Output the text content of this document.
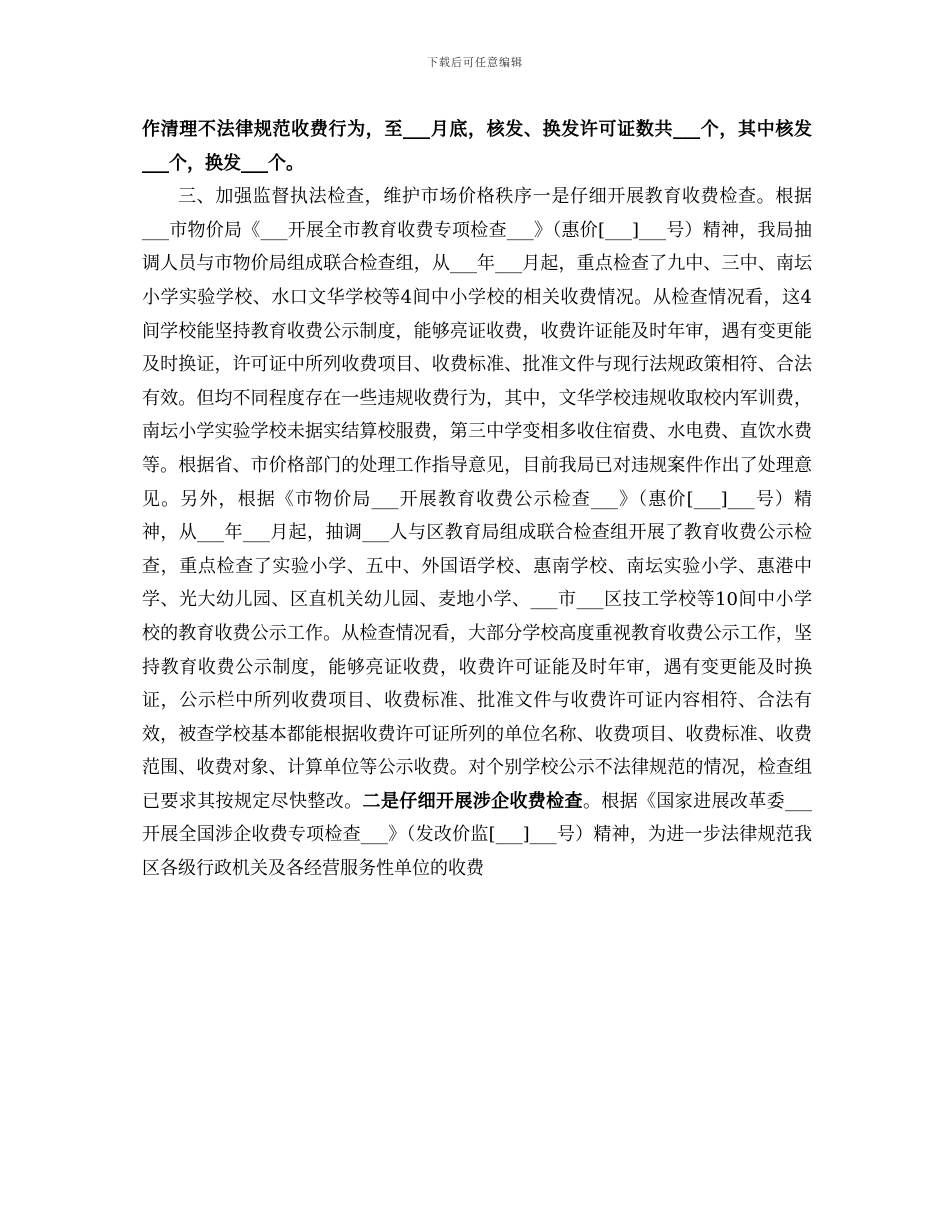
下载后可任意编辑

作清理不法律规范收费行为，至___月底，核发、换发许可证数共___个，其中核发___个，换发___个。

三、加强监督执法检查，维护市场价格秩序一是仔细开展教育收费检查。根据___市物价局《___开展全市教育收费专项检查___》（惠价[___]___号）精神，我局抽调人员与市物价局组成联合检查组，从___年___月起，重点检查了九中、三中、南坛小学实验学校、水口文华学校等4间中小学校的相关收费情况。从检查情况看，这4间学校能坚持教育收费公示制度，能够亮证收费，收费许证能及时年审，遇有变更能及时换证，许可证中所列收费项目、收费标准、批准文件与现行法规政策相符、合法有效。但均不同程度存在一些违规收费行为，其中，文华学校违规收取校内军训费，南坛小学实验学校未据实结算校服费，第三中学变相多收住宿费、水电费、直饮水费等。根据省、市价格部门的处理工作指导意见，目前我局已对违规案件作出了处理意见。另外，根据《市物价局___开展教育收费公示检查___》（惠价[___]___号）精神，从___年___月起，抽调___人与区教育局组成联合检查组开展了教育收费公示检查，重点检查了实验小学、五中、外国语学校、惠南学校、南坛实验小学、惠港中学、光大幼儿园、区直机关幼儿园、麦地小学、___市___区技工学校等10间中小学校的教育收费公示工作。从检查情况看，大部分学校高度重视教育收费公示工作，坚持教育收费公示制度，能够亮证收费，收费许可证能及时年审，遇有变更能及时换证，公示栏中所列收费项目、收费标准、批准文件与收费许可证内容相符、合法有效，被查学校基本都能根据收费许可证所列的单位名称、收费项目、收费标准、收费范围、收费对象、计算单位等公示收费。对个别学校公示不法律规范的情况，检查组已要求其按规定尽快整改。二是仔细开展涉企收费检查。根据《国家进展改革委___开展全国涉企收费专项检查___》（发改价监[___]___号）精神，为进一步法律规范我区各级行政机关及各经营服务性单位的收费
